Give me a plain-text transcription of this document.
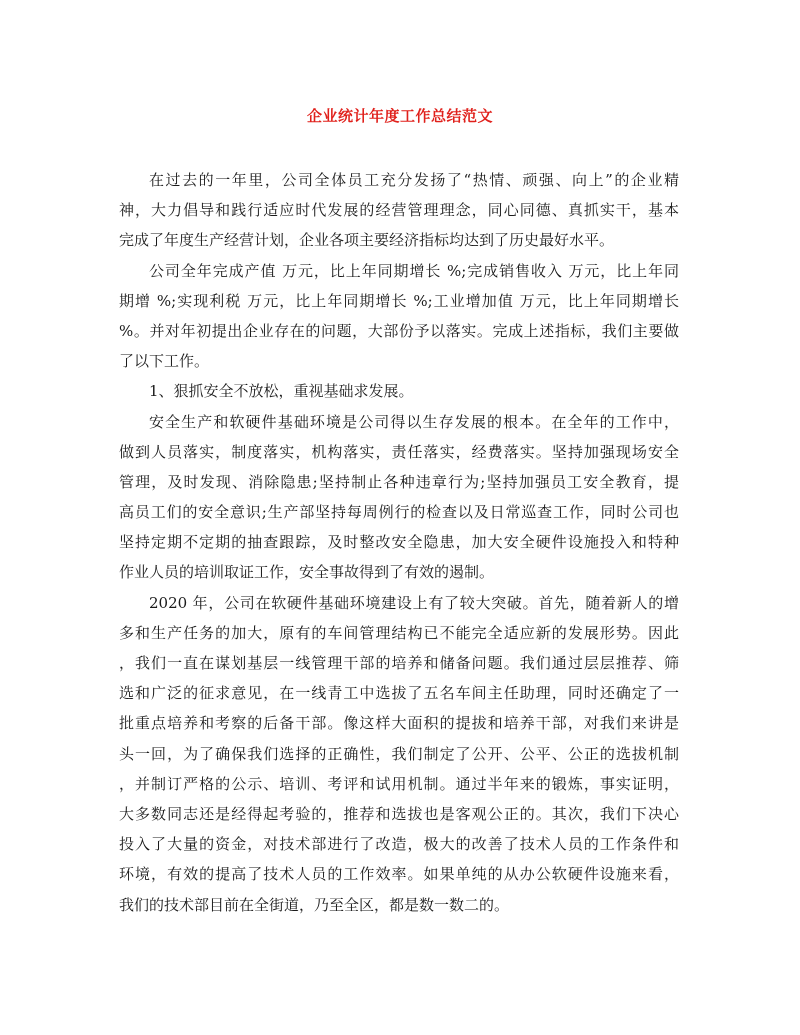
企业统计年度工作总结范文
在过去的一年里，公司全体员工充分发扬了“热情、顽强、向上”的企业精
神，大力倡导和践行适应时代发展的经营管理理念，同心同德、真抓实干，基本
完成了年度生产经营计划，企业各项主要经济指标均达到了历史最好水平。
公司全年完成产值 万元，比上年同期增长 %;完成销售收入 万元，比上年同
期增 %;实现利税 万元，比上年同期增长 %;工业增加值 万元，比上年同期增长
%。并对年初提出企业存在的问题，大部份予以落实。完成上述指标，我们主要做
了以下工作。
1、狠抓安全不放松，重视基础求发展。
安全生产和软硬件基础环境是公司得以生存发展的根本。在全年的工作中，
做到人员落实，制度落实，机构落实，责任落实，经费落实。坚持加强现场安全
管理，及时发现、消除隐患;坚持制止各种违章行为;坚持加强员工安全教育，提
高员工们的安全意识;生产部坚持每周例行的检查以及日常巡查工作，同时公司也
坚持定期不定期的抽查跟踪，及时整改安全隐患，加大安全硬件设施投入和特种
作业人员的培训取证工作，安全事故得到了有效的遏制。
2020 年，公司在软硬件基础环境建设上有了较大突破。首先，随着新人的增
多和生产任务的加大，原有的车间管理结构已不能完全适应新的发展形势。因此
，我们一直在谋划基层一线管理干部的培养和储备问题。我们通过层层推荐、筛
选和广泛的征求意见，在一线青工中选拔了五名车间主任助理，同时还确定了一
批重点培养和考察的后备干部。像这样大面积的提拔和培养干部，对我们来讲是
头一回，为了确保我们选择的正确性，我们制定了公开、公平、公正的选拔机制
，并制订严格的公示、培训、考评和试用机制。通过半年来的锻炼，事实证明，
大多数同志还是经得起考验的，推荐和选拔也是客观公正的。其次，我们下决心
投入了大量的资金，对技术部进行了改造，极大的改善了技术人员的工作条件和
环境，有效的提高了技术人员的工作效率。如果单纯的从办公软硬件设施来看，
我们的技术部目前在全街道，乃至全区，都是数一数二的。
